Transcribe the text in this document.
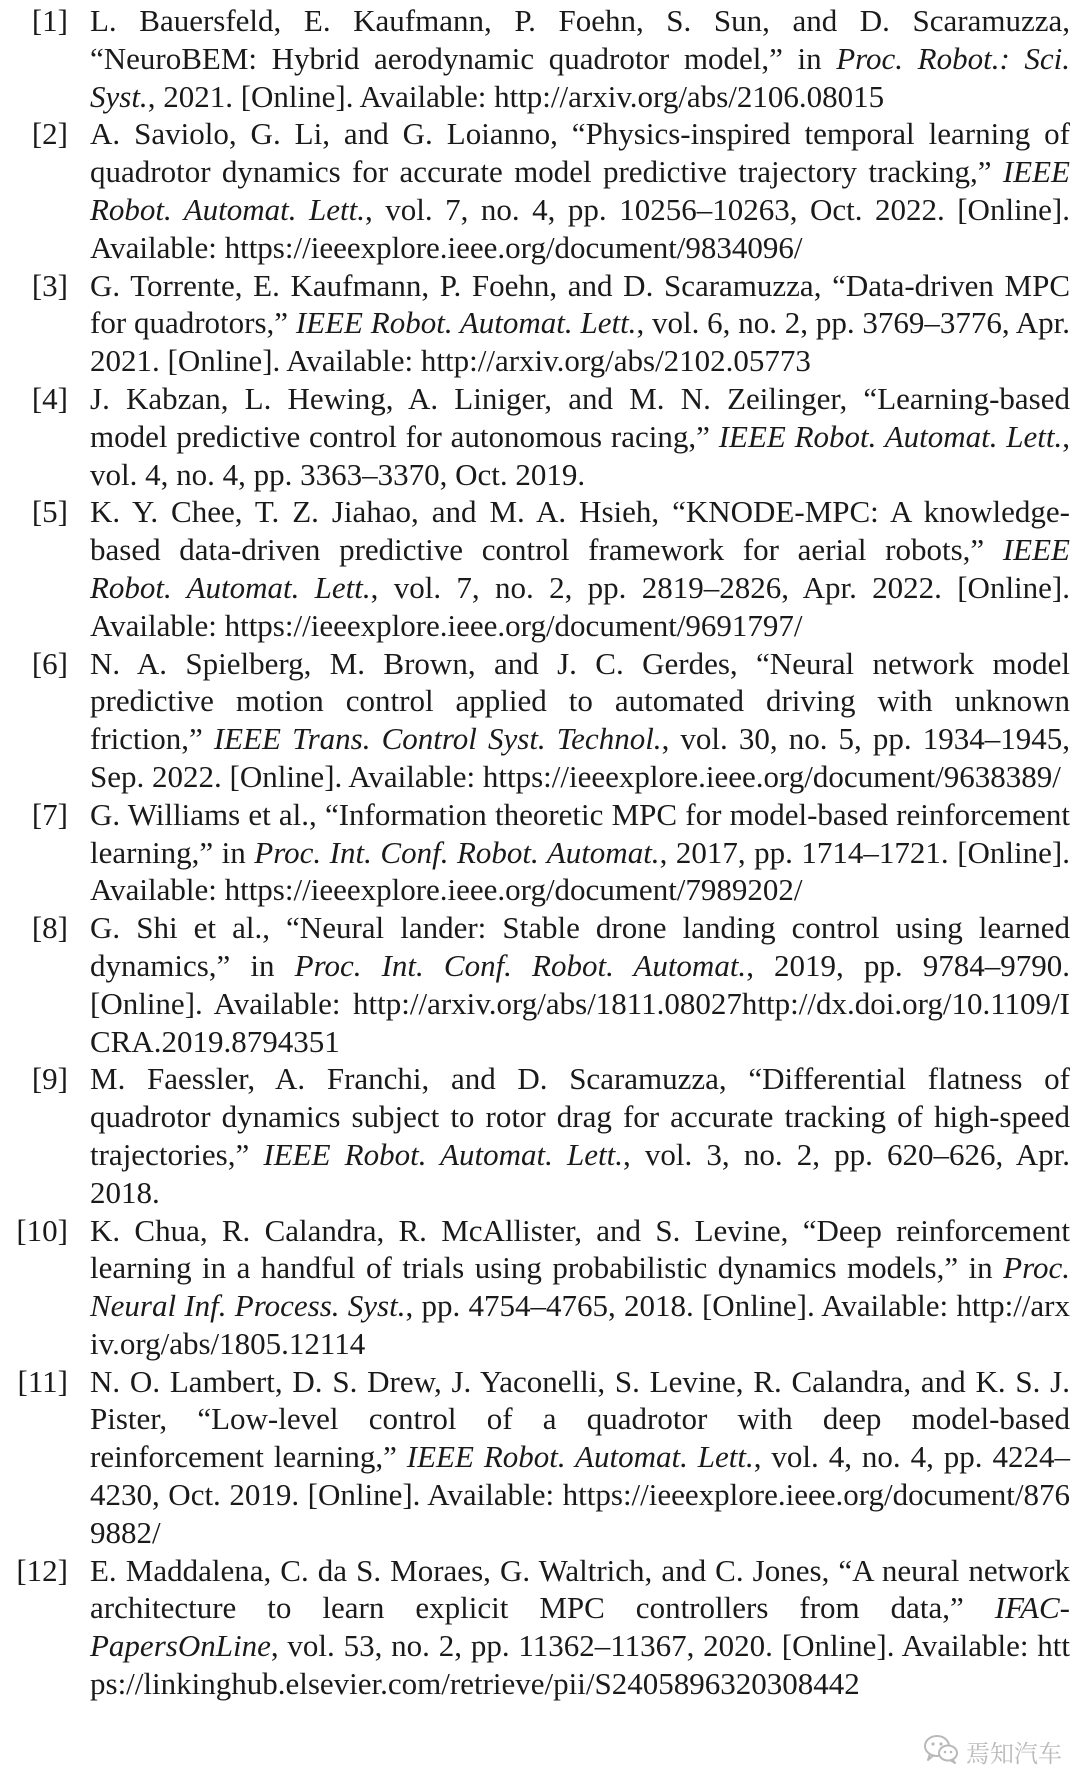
[1] L. Bauersfeld, E. Kaufmann, P. Foehn, S. Sun, and D. Scaramuzza, “NeuroBEM: Hybrid aerodynamic quadrotor model,” in Proc. Robot.: Sci. Syst., 2021. [Online]. Available: http://arxiv.org/abs/2106.08015
[2] A. Saviolo, G. Li, and G. Loianno, “Physics-inspired temporal learning of quadrotor dynamics for accurate model predictive trajectory tracking,” IEEE Robot. Automat. Lett., vol. 7, no. 4, pp. 10256–10263, Oct. 2022. [Online]. Available: https://ieeexplore.ieee.org/document/9834096/
[3] G. Torrente, E. Kaufmann, P. Foehn, and D. Scaramuzza, “Data-driven MPC for quadrotors,” IEEE Robot. Automat. Lett., vol. 6, no. 2, pp. 3769–3776, Apr. 2021. [Online]. Available: http://arxiv.org/abs/2102.05773
[4] J. Kabzan, L. Hewing, A. Liniger, and M. N. Zeilinger, “Learning-based model predictive control for autonomous racing,” IEEE Robot. Automat. Lett., vol. 4, no. 4, pp. 3363–3370, Oct. 2019.
[5] K. Y. Chee, T. Z. Jiahao, and M. A. Hsieh, “KNODE-MPC: A knowledge-based data-driven predictive control framework for aerial robots,” IEEE Robot. Automat. Lett., vol. 7, no. 2, pp. 2819–2826, Apr. 2022. [Online]. Available: https://ieeexplore.ieee.org/document/9691797/
[6] N. A. Spielberg, M. Brown, and J. C. Gerdes, “Neural network model predictive motion control applied to automated driving with unknown friction,” IEEE Trans. Control Syst. Technol., vol. 30, no. 5, pp. 1934–1945, Sep. 2022. [Online]. Available: https://ieeexplore.ieee.org/document/9638389/
[7] G. Williams et al., “Information theoretic MPC for model-based reinforcement learning,” in Proc. Int. Conf. Robot. Automat., 2017, pp. 1714–1721. [Online]. Available: https://ieeexplore.ieee.org/document/7989202/
[8] G. Shi et al., “Neural lander: Stable drone landing control using learned dynamics,” in Proc. Int. Conf. Robot. Automat., 2019, pp. 9784–9790. [Online]. Available: http://arxiv.org/abs/1811.08027http://dx.doi.org/10.1109/ICRA.2019.8794351
[9] M. Faessler, A. Franchi, and D. Scaramuzza, “Differential flatness of quadrotor dynamics subject to rotor drag for accurate tracking of high-speed trajectories,” IEEE Robot. Automat. Lett., vol. 3, no. 2, pp. 620–626, Apr. 2018.
[10] K. Chua, R. Calandra, R. McAllister, and S. Levine, “Deep reinforcement learning in a handful of trials using probabilistic dynamics models,” in Proc. Neural Inf. Process. Syst., pp. 4754–4765, 2018. [Online]. Available: http://arxiv.org/abs/1805.12114
[11] N. O. Lambert, D. S. Drew, J. Yaconelli, S. Levine, R. Calandra, and K. S. J. Pister, “Low-level control of a quadrotor with deep model-based reinforcement learning,” IEEE Robot. Automat. Lett., vol. 4, no. 4, pp. 4224–4230, Oct. 2019. [Online]. Available: https://ieeexplore.ieee.org/document/8769882/
[12] E. Maddalena, C. da S. Moraes, G. Waltrich, and C. Jones, “A neural network architecture to learn explicit MPC controllers from data,” IFAC-PapersOnLine, vol. 53, no. 2, pp. 11362–11367, 2020. [Online]. Available: https://linkinghub.elsevier.com/retrieve/pii/S2405896320308442
焉知汽车
